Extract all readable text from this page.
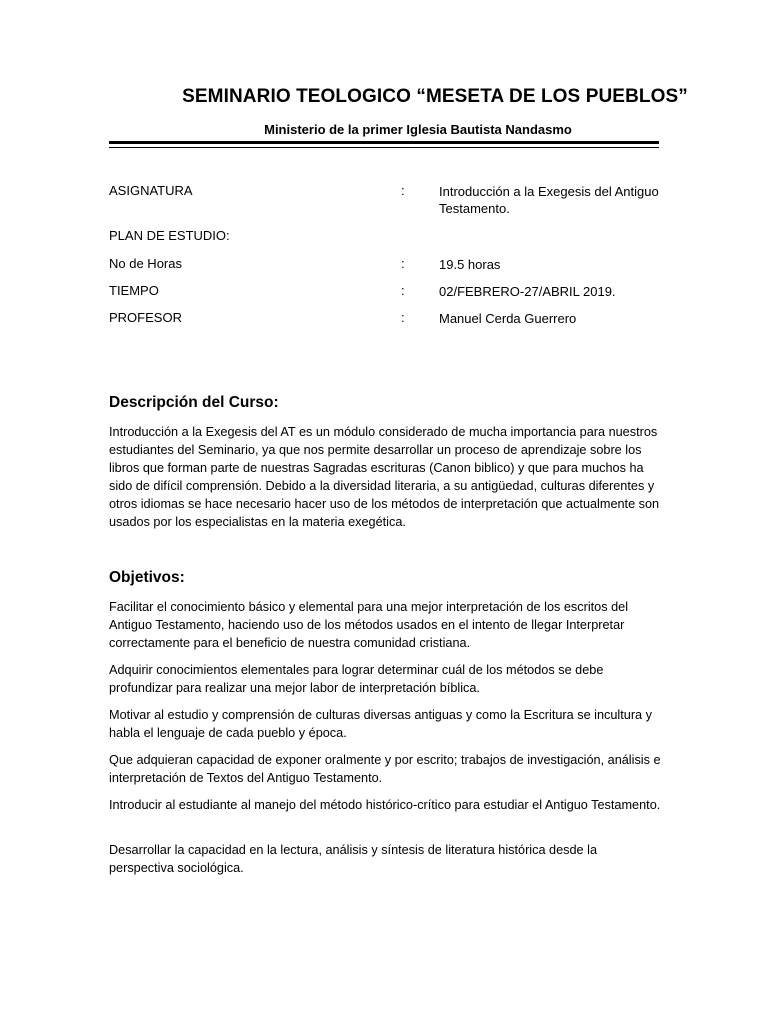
SEMINARIO TEOLOGICO “MESETA DE LOS PUEBLOS”
Ministerio de la primer Iglesia Bautista Nandasmo
ASIGNATURA	:	Introducción a la Exegesis del Antiguo Testamento.
PLAN DE ESTUDIO:
No de Horas	:	19.5 horas
TIEMPO	:	02/FEBRERO-27/ABRIL 2019.
PROFESOR	:	Manuel Cerda Guerrero
Descripción del Curso:

Introducción a la Exegesis del AT es un módulo considerado de mucha importancia para nuestros estudiantes del Seminario, ya que nos permite desarrollar un proceso de aprendizaje sobre los libros que forman parte de nuestras Sagradas escrituras (Canon biblico) y que para muchos ha sido de difícil comprensión. Debido a la diversidad literaria, a su antigüedad, culturas diferentes y otros idiomas se hace necesario hacer uso de los métodos de interpretación que actualmente son usados por los especialistas en la materia exegética.

Objetivos:

Facilitar el conocimiento básico y elemental para una mejor interpretación de los escritos del Antiguo Testamento, haciendo uso de los métodos usados en el intento de llegar Interpretar correctamente para el beneficio de nuestra comunidad cristiana.

Adquirir conocimientos elementales para lograr determinar cuál de los métodos se debe profundizar para realizar una mejor labor de interpretación bíblica.

Motivar al estudio y comprensión de culturas diversas antiguas y como la Escritura se incultura y habla el lenguaje de cada pueblo y época.

Que adquieran capacidad de exponer oralmente y por escrito; trabajos de investigación, análisis e interpretación de Textos del Antiguo Testamento.

Introducir al estudiante al manejo del método histórico-crítico para estudiar el Antiguo Testamento.

Desarrollar la capacidad en la lectura, análisis y síntesis de literatura histórica desde la perspectiva sociológica.
